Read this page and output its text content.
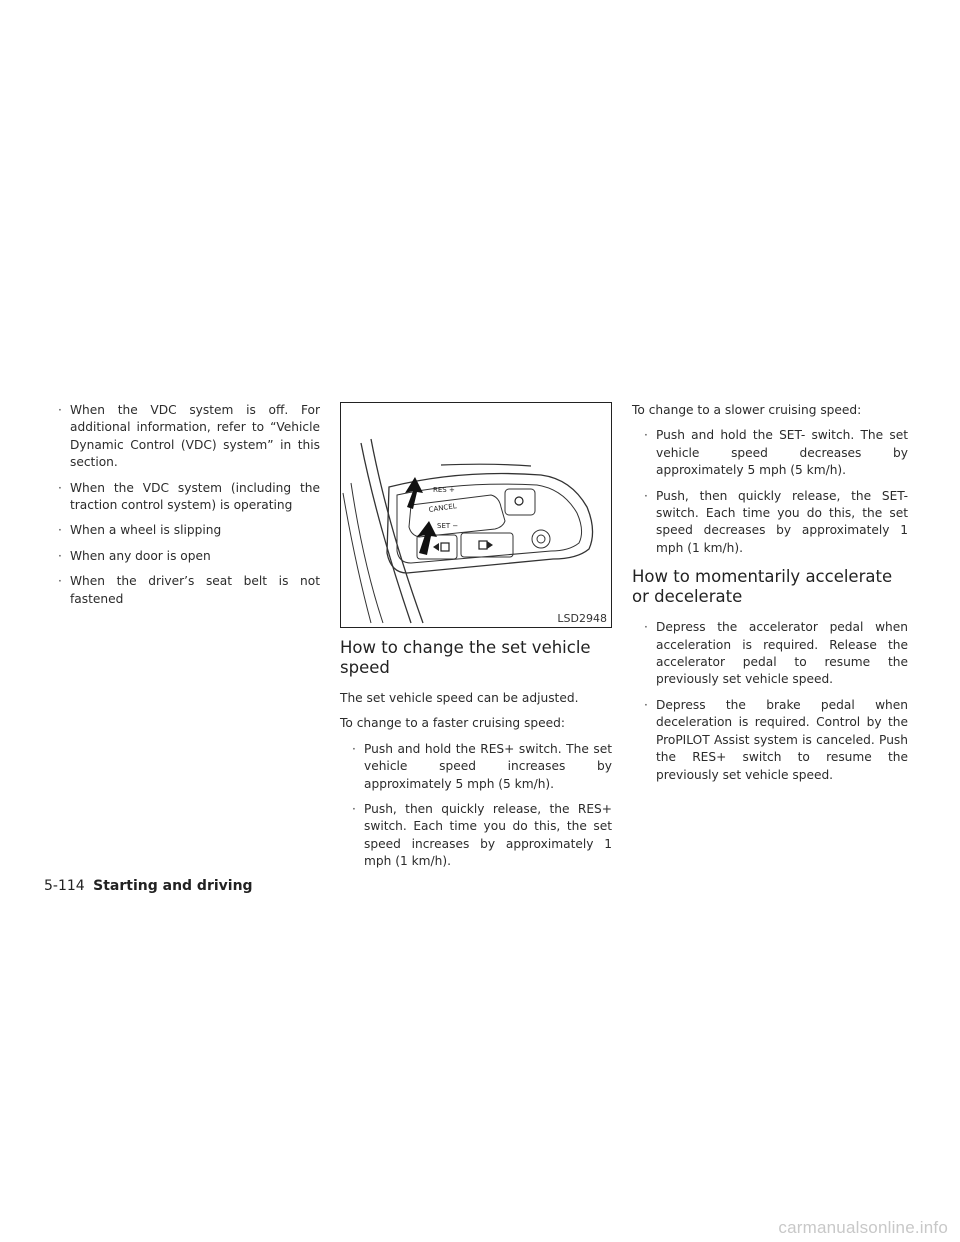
· When the VDC system is off. For additional information, refer to “Vehicle Dynamic Control (VDC) system” in this section.
· When the VDC system (including the traction control system) is operating
· When a wheel is slipping
· When any door is open
· When the driver’s seat belt is not fastened
RES +
CANCEL
SET −
LSD2948
How to change the set vehicle speed

The set vehicle speed can be adjusted.

To change to a faster cruising speed:

· Push and hold the RES+ switch. The set vehicle speed increases by approximately 5 mph (5 km/h).
· Push, then quickly release, the RES+ switch. Each time you do this, the set speed increases by approximately 1 mph (1 km/h).

To change to a slower cruising speed:

· Push and hold the SET- switch. The set vehicle speed decreases by approximately 5 mph (5 km/h).
· Push, then quickly release, the SET- switch. Each time you do this, the set speed decreases by approximately 1 mph (1 km/h).
How to momentarily accelerate or decelerate
· Depress the accelerator pedal when acceleration is required. Release the accelerator pedal to resume the previously set vehicle speed.
· Depress the brake pedal when deceleration is required. Control by the ProPILOT Assist system is canceled. Push the RES+ switch to resume the previously set vehicle speed.
5-114 Starting and driving
carmanualsonline.info
